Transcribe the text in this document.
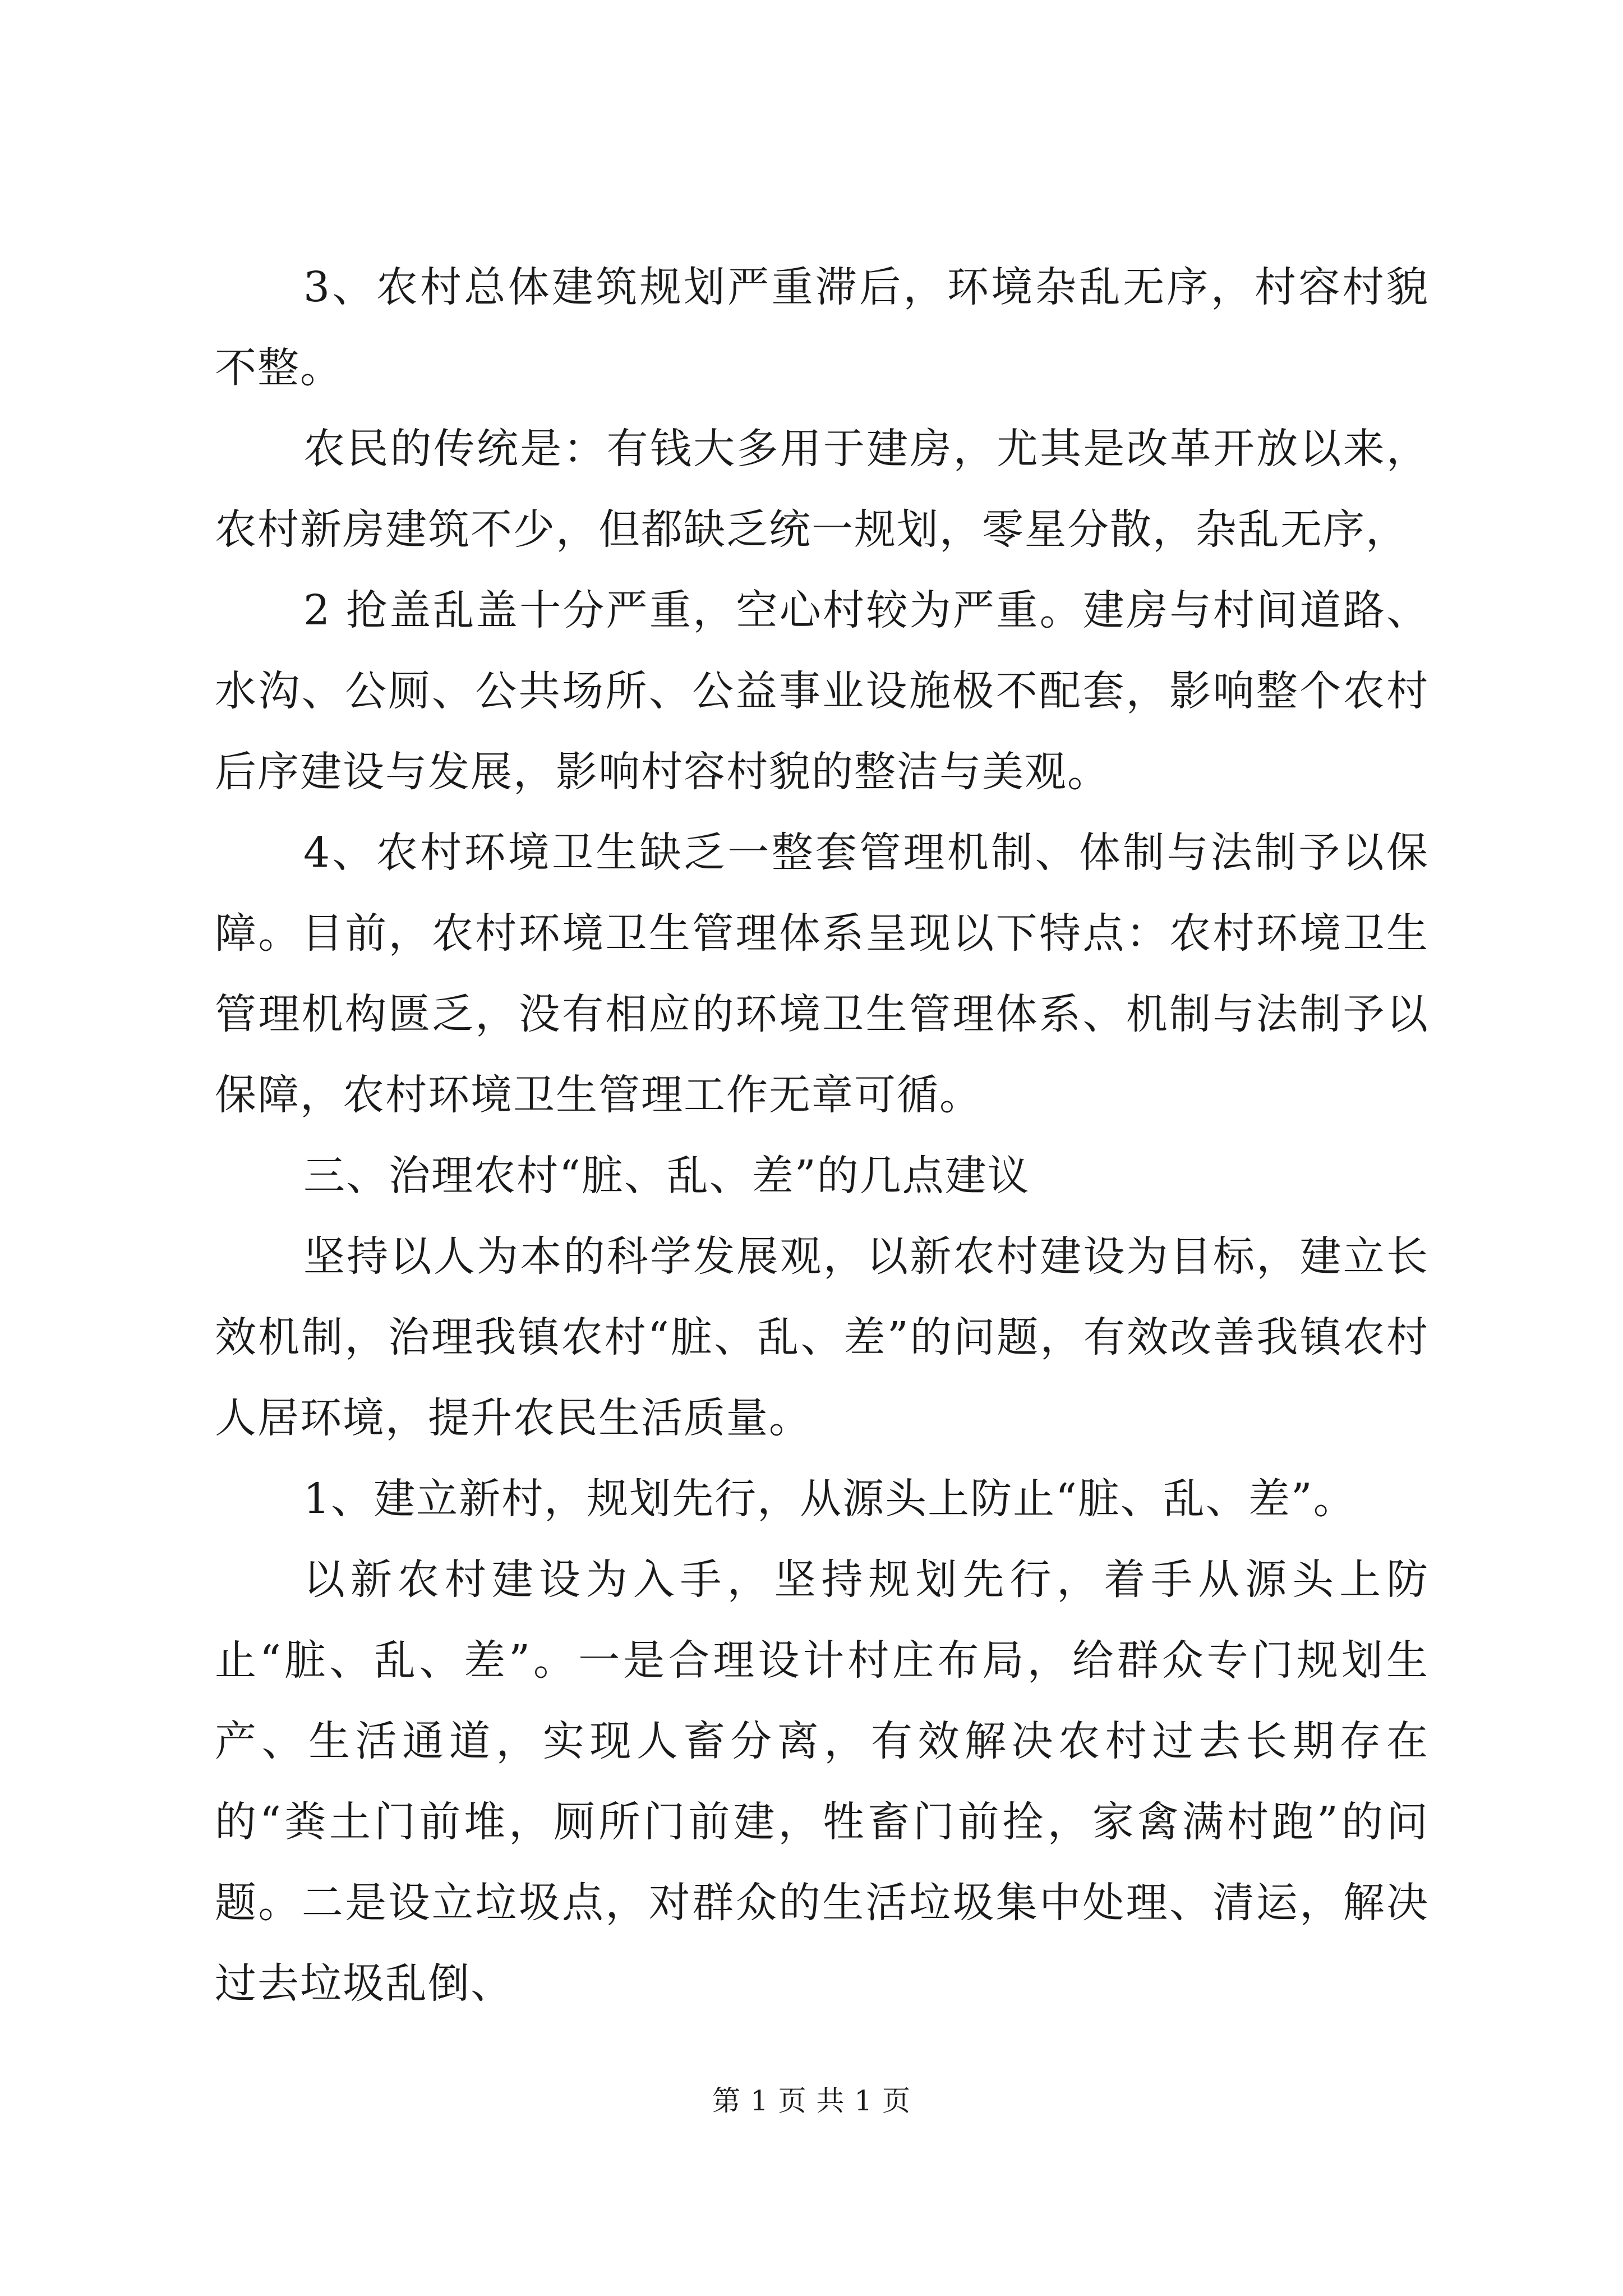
3、农村总体建筑规划严重滞后，环境杂乱无序，村容村貌不整。

农民的传统是：有钱大多用于建房，尤其是改革开放以来，农村新房建筑不少，但都缺乏统一规划，零星分散，杂乱无序，

2 抢盖乱盖十分严重，空心村较为严重。建房与村间道路、水沟、公厕、公共场所、公益事业设施极不配套，影响整个农村后序建设与发展，影响村容村貌的整洁与美观。

4、农村环境卫生缺乏一整套管理机制、体制与法制予以保障。目前，农村环境卫生管理体系呈现以下特点：农村环境卫生管理机构匮乏，没有相应的环境卫生管理体系、机制与法制予以保障，农村环境卫生管理工作无章可循。

三、治理农村“脏、乱、差”的几点建议

坚持以人为本的科学发展观，以新农村建设为目标，建立长效机制，治理我镇农村“脏、乱、差”的问题，有效改善我镇农村人居环境，提升农民生活质量。

1、建立新村，规划先行，从源头上防止“脏、乱、差”。

以新农村建设为入手，坚持规划先行，着手从源头上防止“脏、乱、差”。一是合理设计村庄布局，给群众专门规划生产、生活通道，实现人畜分离，有效解决农村过去长期存在的“粪土门前堆，厕所门前建，牲畜门前拴，家禽满村跑”的问题。二是设立垃圾点，对群众的生活垃圾集中处理、清运，解决过去垃圾乱倒、

第 1 页 共 1 页
